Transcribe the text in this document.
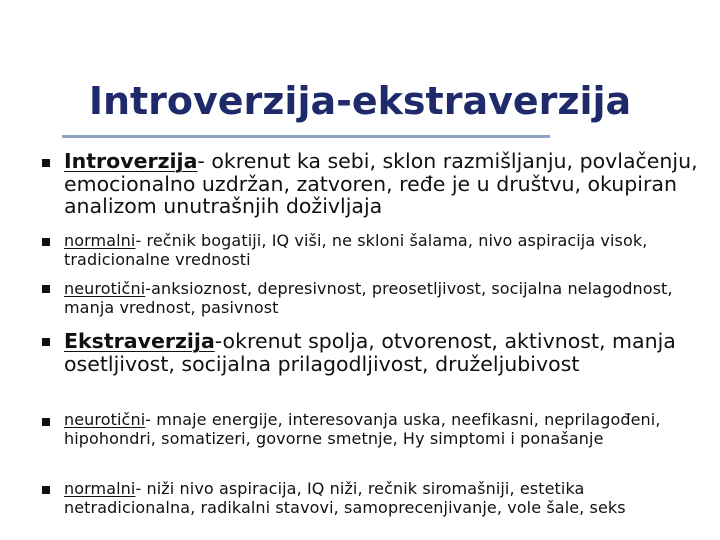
Introverzija-ekstraverzija
Introverzija- okrenut ka sebi, sklon razmišljanju, povlačenju, emocionalno uzdržan, zatvoren, ređe je u društvu, okupiran analizom unutrašnjih doživljaja
normalni- rečnik bogatiji, IQ viši, ne skloni šalama, nivo aspiracija visok, tradicionalne vrednosti
neurotični-anksioznost, depresivnost, preosetljivost, socijalna nelagodnost, manja vrednost, pasivnost
Ekstraverzija-okrenut spolja, otvorenost, aktivnost, manja osetljivost, socijalna prilagodljivost, druželjubivost
neurotični- mnaje energije, interesovanja uska, neefikasni, neprilagođeni, hipohondri, somatizeri, govorne smetnje, Hy simptomi i ponašanje
normalni- niži nivo aspiracija, IQ niži, rečnik siromašniji, estetika netradicionalna, radikalni stavovi, samoprecenjivanje, vole šale, seks
